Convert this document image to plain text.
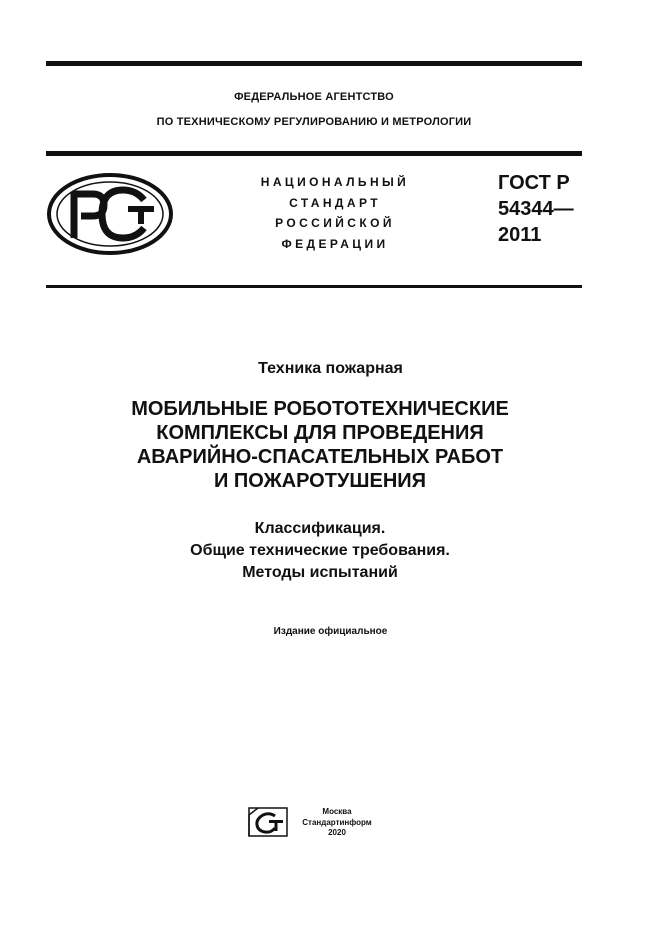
ФЕДЕРАЛЬНОЕ АГЕНТСТВО
ПО ТЕХНИЧЕСКОМУ РЕГУЛИРОВАНИЮ И МЕТРОЛОГИИ
НАЦИОНАЛЬНЫЙ
СТАНДАРТ
РОССИЙСКОЙ
ФЕДЕРАЦИИ
ГОСТ Р
54344—
2011
Техника пожарная
МОБИЛЬНЫЕ РОБОТОТЕХНИЧЕСКИЕ
КОМПЛЕКСЫ ДЛЯ ПРОВЕДЕНИЯ
АВАРИЙНО-СПАСАТЕЛЬНЫХ РАБОТ
И ПОЖАРОТУШЕНИЯ
Классификация.
Общие технические требования.
Методы испытаний
Издание официальное
Москва
Стандартинформ
2020
